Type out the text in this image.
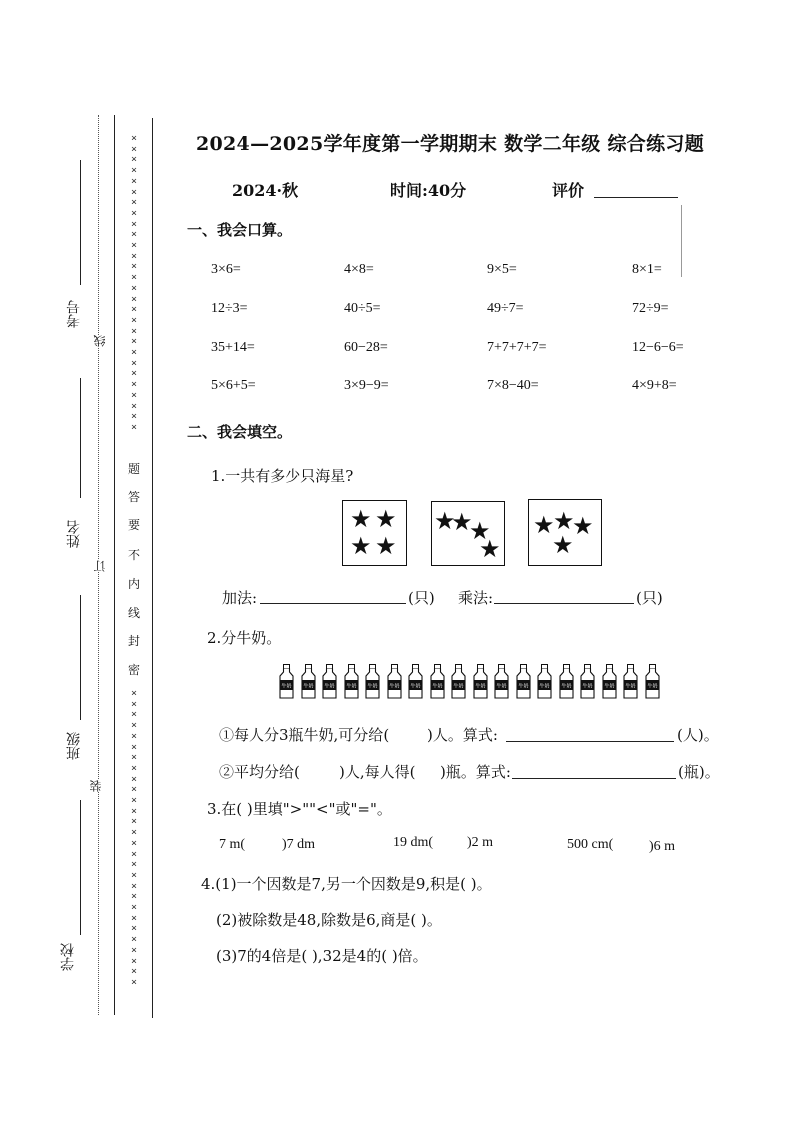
考号
姓名
班级
学校
线
订
装
××××××××××××××××××××××××××××
题
答
要
不
内
线
封
密
××××××××××××××××××××××××××××
2024—2025学年度第一学期期末 数学二年级 综合练习题
2024·秋	时间:40分	评价
一、我会口算。
3×6=	4×8=	9×5=	8×1=
12÷3=	40÷5=	49÷7=	72÷9=
35+14=	60−28=	7+7+7+7=	12−6−6=
5×6+5=	3×9−9=	7×8−40=	4×9+8=
二、我会填空。
1.一共有多少只海星?
★ ★
★ ★
★
★
★
★
★
★
★
★
加法:	(只) 乘法:	(只)
2.分牛奶。
牛奶 牛奶 牛奶 牛奶 牛奶 牛奶 牛奶 牛奶 牛奶 牛奶 牛奶 牛奶 牛奶 牛奶 牛奶 牛奶 牛奶 牛奶
①每人分3瓶牛奶,可分给(	)人。算式:	(人)。
②平均分给(	)人,每人得( )瓶。算式:	(瓶)。
3.在( )里填">""<"或"="。
7 m(	)7 dm	19 dm( )2 m	500 cm(	)6 m
4.(1)一个因数是7,另一个因数是9,积是( )。
(2)被除数是48,除数是6,商是( )。
(3)7的4倍是( ),32是4的( )倍。
